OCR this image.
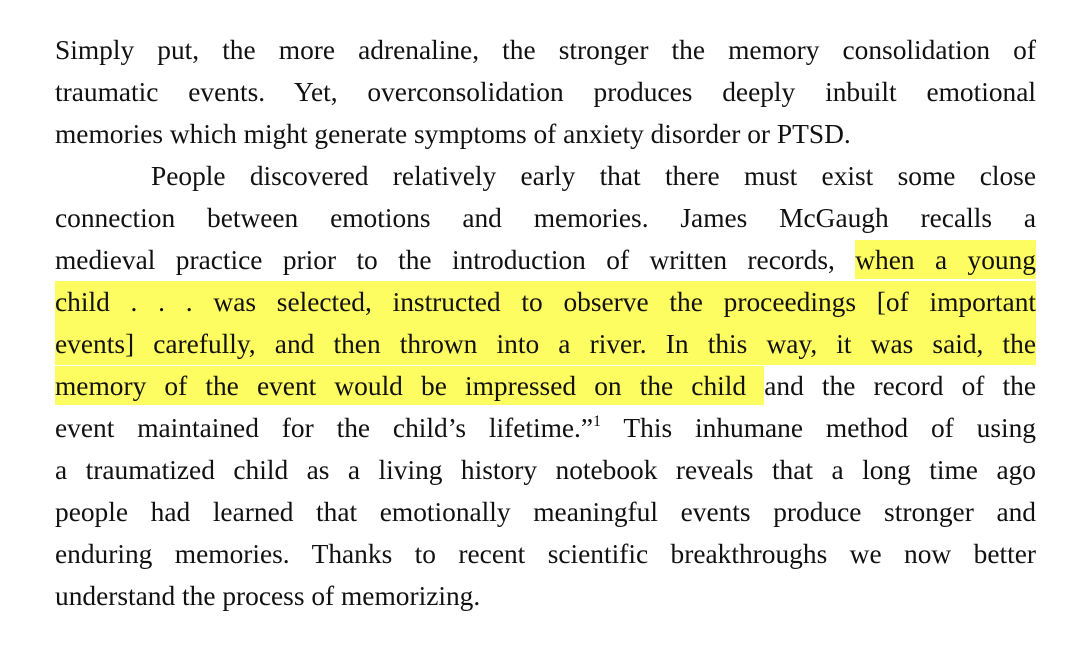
Simply put, the more adrenaline, the stronger the memory consolidation of
traumatic events. Yet, overconsolidation produces deeply inbuilt emotional
memories which might generate symptoms of anxiety disorder or PTSD.
People discovered relatively early that there must exist some close
connection between emotions and memories. James McGaugh recalls a
medieval practice prior to the introduction of written records, when a young
child . . . was selected, instructed to observe the proceedings [of important
events] carefully, and then thrown into a river. In this way, it was said, the
memory of the event would be impressed on the child and the record of the
event maintained for the child’s lifetime.”$^1$ This inhumane method of using
a traumatized child as a living history notebook reveals that a long time ago
people had learned that emotionally meaningful events produce stronger and
enduring memories. Thanks to recent scientific breakthroughs we now better
understand the process of memorizing.
